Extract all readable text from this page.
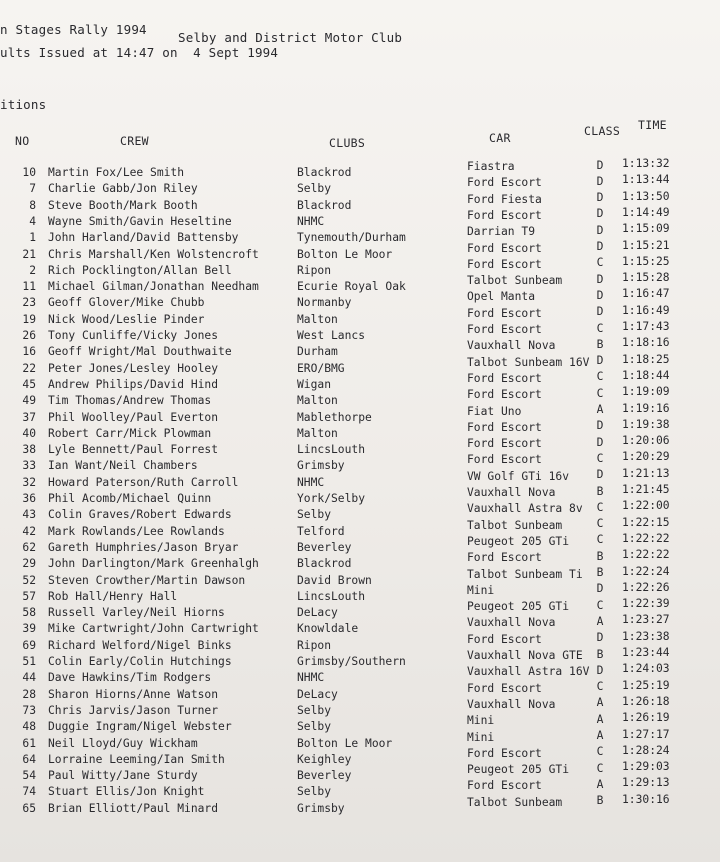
n Stages Rally 1994
Selby and District Motor Club
ults Issued at 14:47 on  4 Sept 1994
itions
NO	CREW	CLUBS	CAR	CLASS TIME
10 Martin Fox/Lee Smith	Blackrod	Fiastra	D 1:13:32
7 Charlie Gabb/Jon Riley	Selby	Ford Escort	D 1:13:44
8 Steve Booth/Mark Booth	Blackrod	Ford Fiesta	D 1:13:50
4 Wayne Smith/Gavin Heseltine	NHMC	Ford Escort	D 1:14:49
1 John Harland/David Battensby	Tynemouth/Durham	Darrian T9	D 1:15:09
21 Chris Marshall/Ken Wolstencroft	Bolton Le Moor	Ford Escort	D 1:15:21
2 Rich Pocklington/Allan Bell	Ripon	Ford Escort	C 1:15:25
11 Michael Gilman/Jonathan Needham	Ecurie Royal Oak	Talbot Sunbeam	D 1:15:28
23 Geoff Glover/Mike Chubb	Normanby	Opel Manta	D 1:16:47
19 Nick Wood/Leslie Pinder	Malton	Ford Escort	D 1:16:49
26 Tony Cunliffe/Vicky Jones	West Lancs	Ford Escort	C 1:17:43
16 Geoff Wright/Mal Douthwaite	Durham	Vauxhall Nova	B 1:18:16
22 Peter Jones/Lesley Hooley	ERO/BMG	Talbot Sunbeam 16V D 1:18:25
45 Andrew Philips/David Hind	Wigan	Ford Escort	C 1:18:44
49 Tim Thomas/Andrew Thomas	Malton	Ford Escort	C 1:19:09
37 Phil Woolley/Paul Everton	Mablethorpe	Fiat Uno	A 1:19:16
40 Robert Carr/Mick Plowman	Malton	Ford Escort	D 1:19:38
38 Lyle Bennett/Paul Forrest	LincsLouth	Ford Escort	D 1:20:06
33 Ian Want/Neil Chambers	Grimsby	Ford Escort	C 1:20:29
32 Howard Paterson/Ruth Carroll	NHMC	VW Golf GTi 16v D 1:21:13
36 Phil Acomb/Michael Quinn	York/Selby	Vauxhall Nova	B 1:21:45
43 Colin Graves/Robert Edwards	Selby	Vauxhall Astra 8v C 1:22:00
42 Mark Rowlands/Lee Rowlands	Telford	Talbot Sunbeam	C 1:22:15
62 Gareth Humphries/Jason Bryar	Beverley	Peugeot 205 GTi C 1:22:22
29 John Darlington/Mark Greenhalgh	Blackrod	Ford Escort	B 1:22:22
52 Steven Crowther/Martin Dawson	David Brown	Talbot Sunbeam Ti B 1:22:24
57 Rob Hall/Henry Hall	LincsLouth	Mini	D 1:22:26
58 Russell Varley/Neil Hiorns	DeLacy	Peugeot 205 GTi C 1:22:39
39 Mike Cartwright/John Cartwright	Knowldale	Vauxhall Nova	A 1:23:27
69 Richard Welford/Nigel Binks	Ripon	Ford Escort	D 1:23:38
51 Colin Early/Colin Hutchings	Grimsby/Southern	Vauxhall Nova GTE B 1:23:44
44 Dave Hawkins/Tim Rodgers	NHMC	Vauxhall Astra 16V D 1:24:03
28 Sharon Hiorns/Anne Watson	DeLacy	Ford Escort	C 1:25:19
73 Chris Jarvis/Jason Turner	Selby	Vauxhall Nova	A 1:26:18
48 Duggie Ingram/Nigel Webster	Selby	Mini	A 1:26:19
61 Neil Lloyd/Guy Wickham	Bolton Le Moor	Mini	A 1:27:17
64 Lorraine Leeming/Ian Smith	Keighley	Ford Escort	C 1:28:24
54 Paul Witty/Jane Sturdy	Beverley	Peugeot 205 GTi C 1:29:03
74 Stuart Ellis/Jon Knight	Selby	Ford Escort	A 1:29:13
65 Brian Elliott/Paul Minard	Grimsby	Talbot Sunbeam	B 1:30:16
